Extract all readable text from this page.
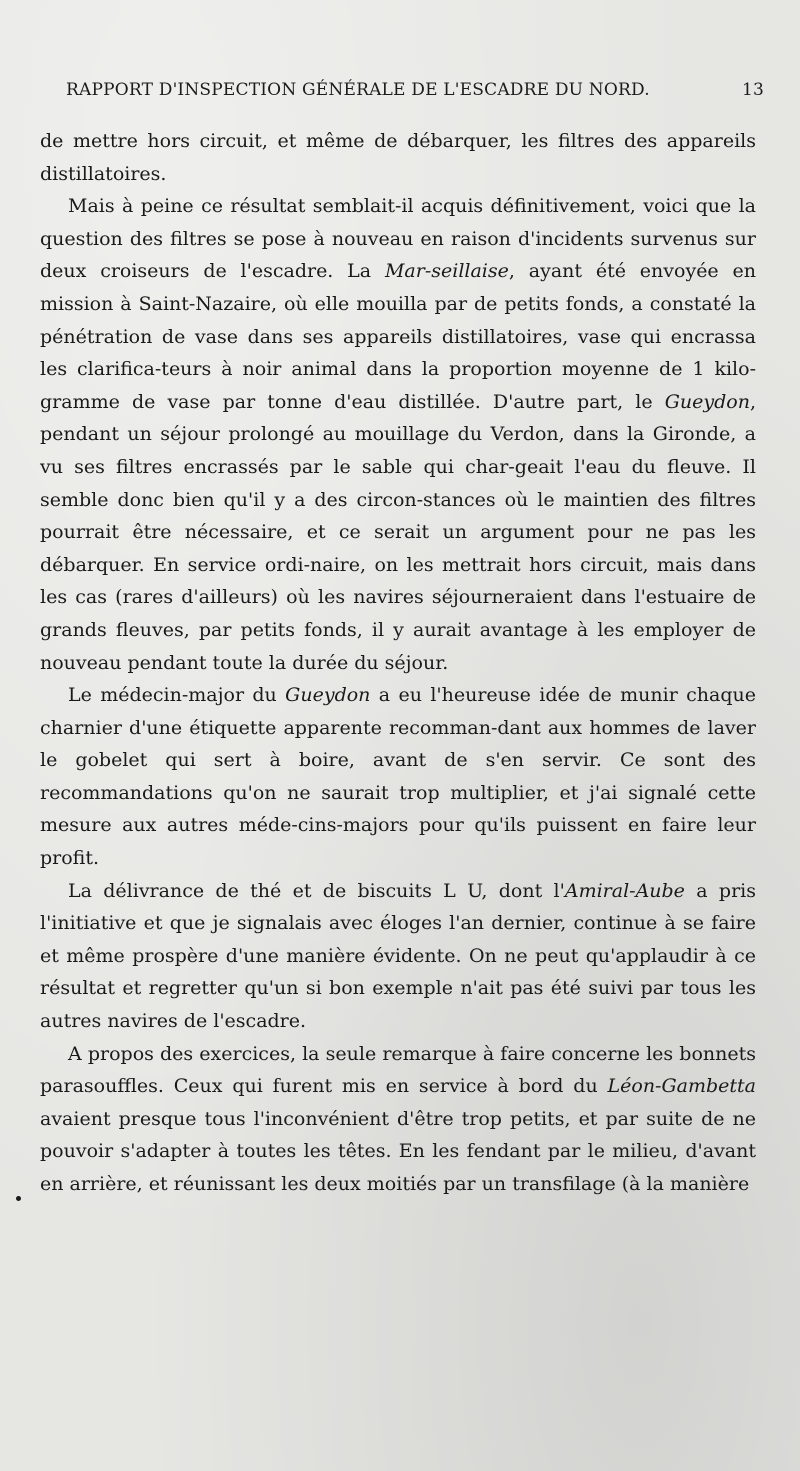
RAPPORT D'INSPECTION GÉNÉRALE DE L'ESCADRE DU NORD.	13

de mettre hors circuit, et même de débarquer, les filtres des appareils distillatoires.

Mais à peine ce résultat semblait-il acquis définitivement, voici que la question des filtres se pose à nouveau en raison d'incidents survenus sur deux croiseurs de l'escadre. La Mar-seillaise, ayant été envoyée en mission à Saint-Nazaire, où elle mouilla par de petits fonds, a constaté la pénétration de vase dans ses appareils distillatoires, vase qui encrassa les clarifica-teurs à noir animal dans la proportion moyenne de 1 kilo-gramme de vase par tonne d'eau distillée. D'autre part, le Gueydon, pendant un séjour prolongé au mouillage du Verdon, dans la Gironde, a vu ses filtres encrassés par le sable qui char-geait l'eau du fleuve. Il semble donc bien qu'il y a des circon-stances où le maintien des filtres pourrait être nécessaire, et ce serait un argument pour ne pas les débarquer. En service ordi-naire, on les mettrait hors circuit, mais dans les cas (rares d'ailleurs) où les navires séjourneraient dans l'estuaire de grands fleuves, par petits fonds, il y aurait avantage à les employer de nouveau pendant toute la durée du séjour.

Le médecin-major du Gueydon a eu l'heureuse idée de munir chaque charnier d'une étiquette apparente recomman-dant aux hommes de laver le gobelet qui sert à boire, avant de s'en servir. Ce sont des recommandations qu'on ne saurait trop multiplier, et j'ai signalé cette mesure aux autres méde-cins-majors pour qu'ils puissent en faire leur profit.

La délivrance de thé et de biscuits L U, dont l'Amiral-Aube a pris l'initiative et que je signalais avec éloges l'an dernier, continue à se faire et même prospère d'une manière évidente. On ne peut qu'applaudir à ce résultat et regretter qu'un si bon exemple n'ait pas été suivi par tous les autres navires de l'escadre.

A propos des exercices, la seule remarque à faire concerne les bonnets parasouffles. Ceux qui furent mis en service à bord du Léon-Gambetta avaient presque tous l'inconvénient d'être trop petits, et par suite de ne pouvoir s'adapter à toutes les têtes. En les fendant par le milieu, d'avant en arrière, et réunissant les deux moitiés par un transfilage (à la manière
